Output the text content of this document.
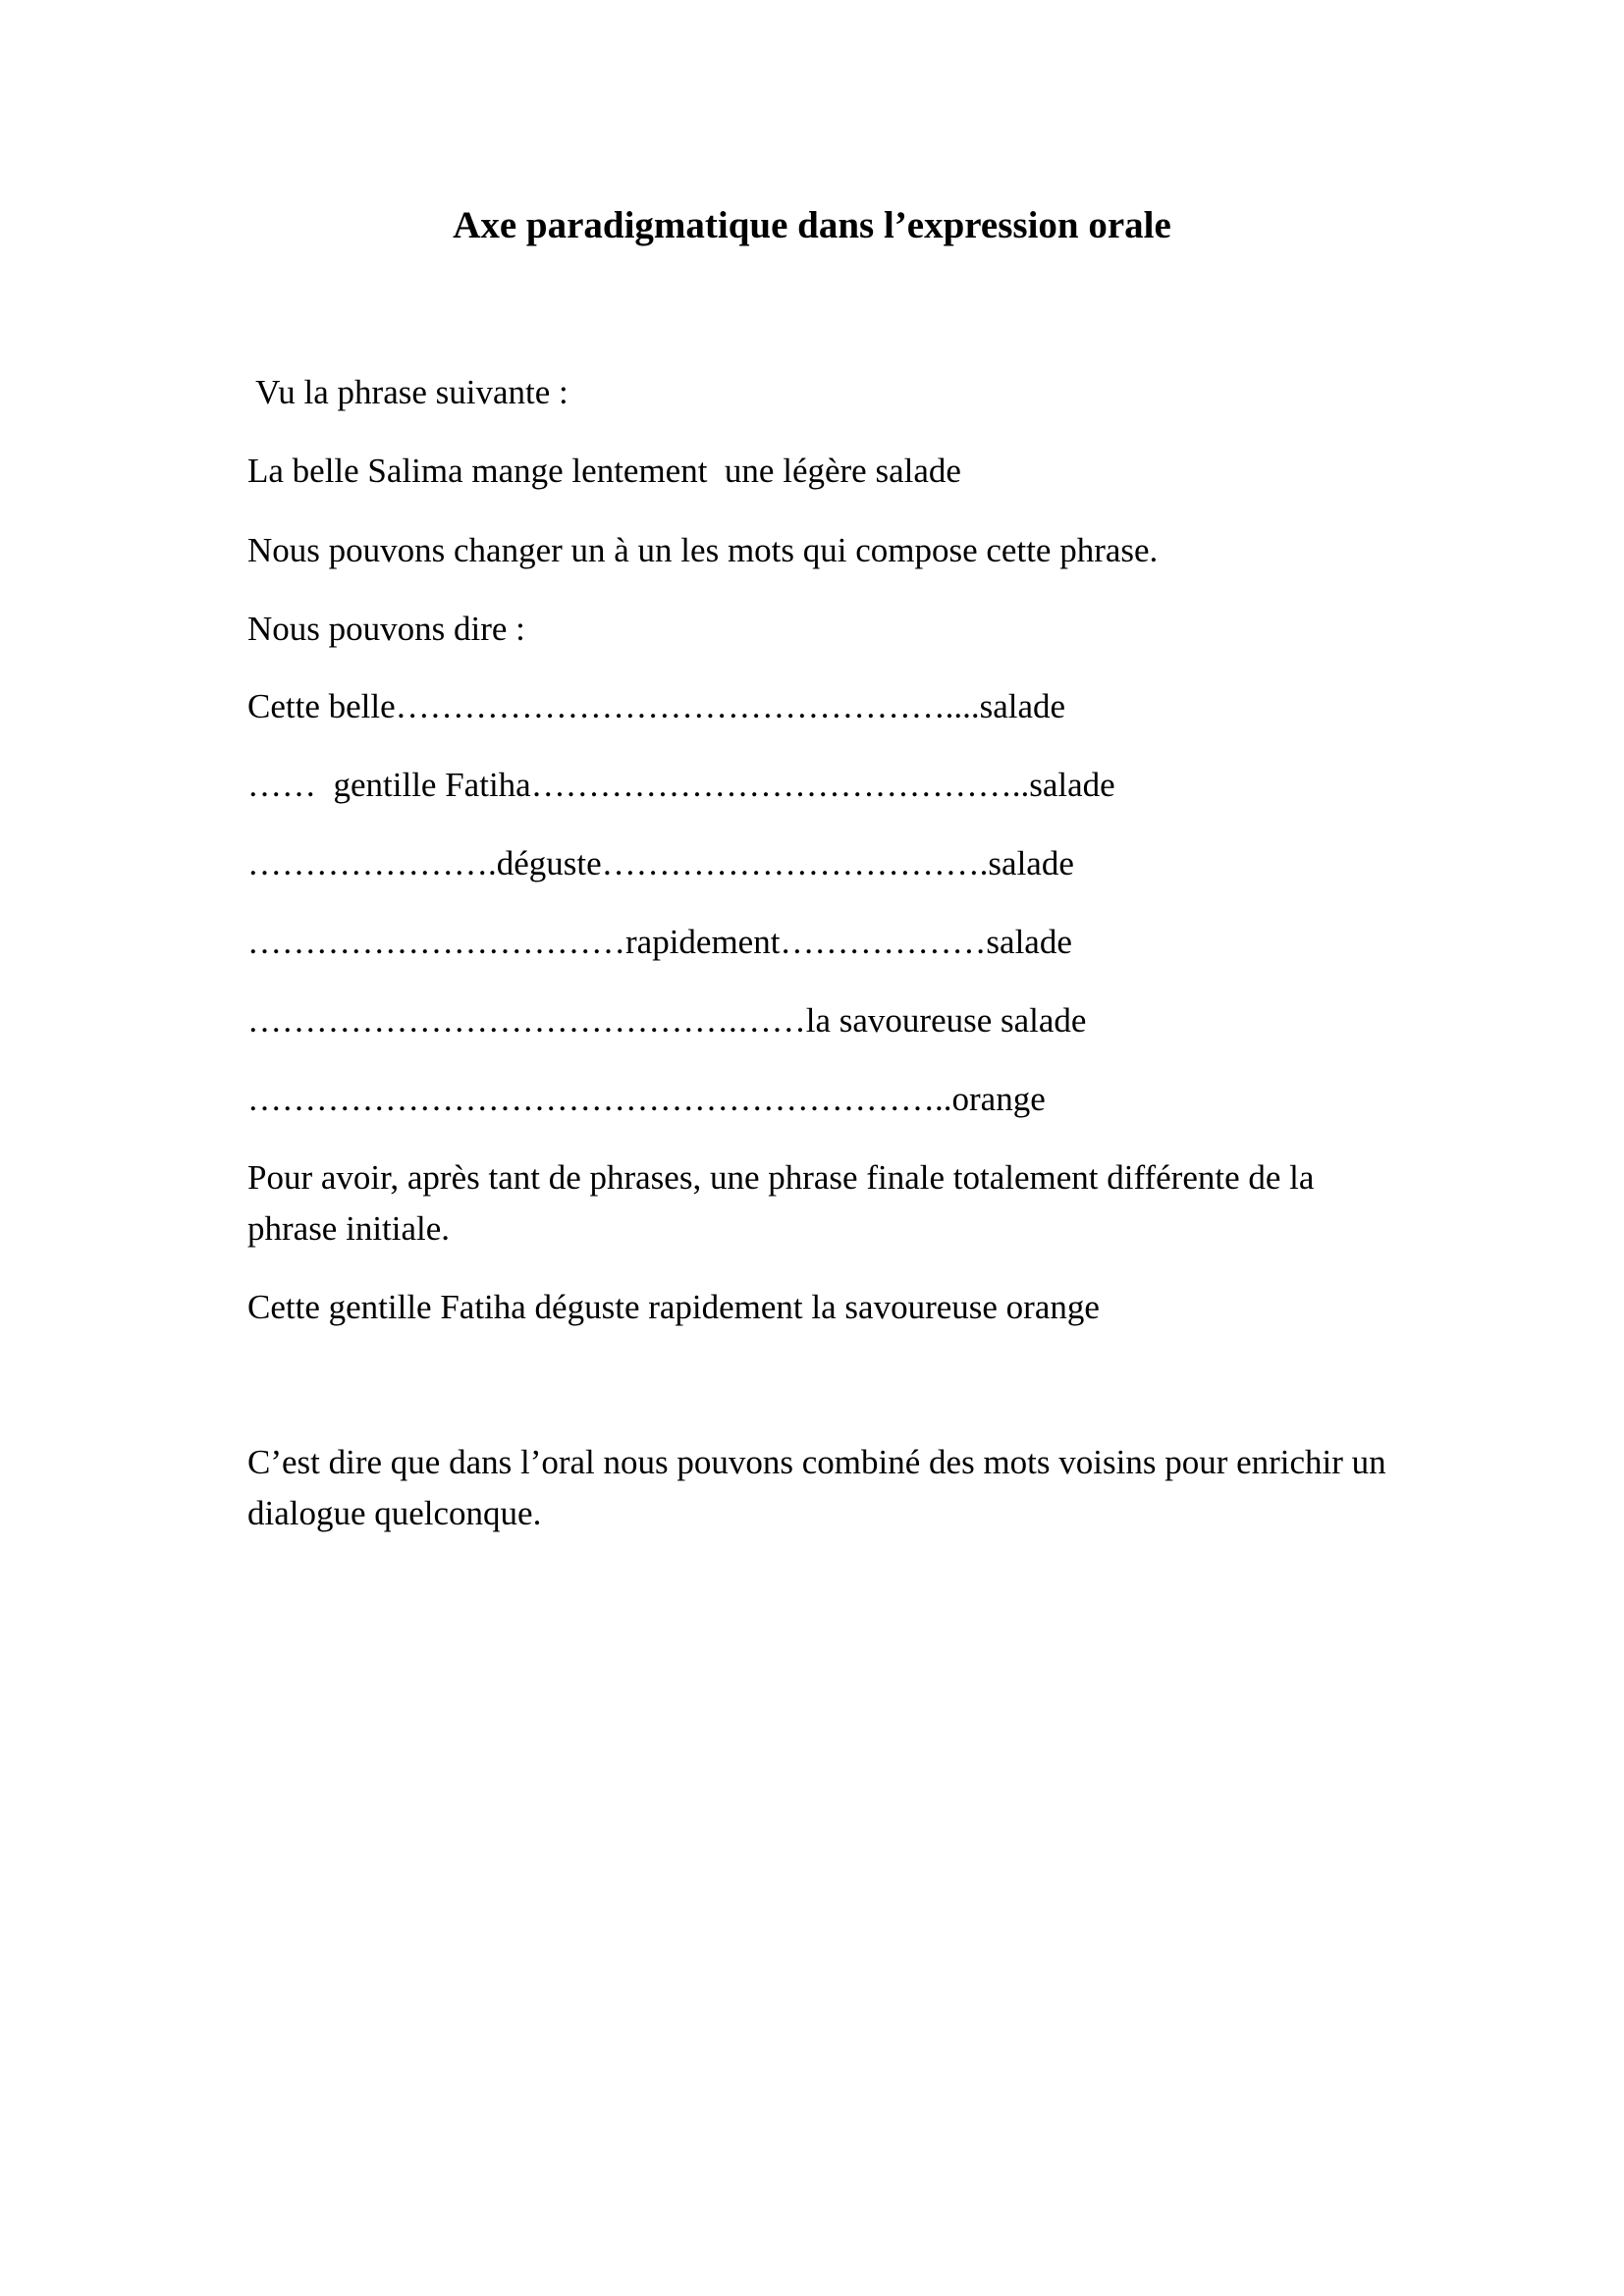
Axe paradigmatique dans l’expression orale
Vu la phrase suivante :
La belle Salima mange lentement  une légère salade
Nous pouvons changer un à un les mots qui compose cette phrase.
Nous pouvons dire :
Cette belle…………………………………………....salade
……  gentille Fatiha……………………………………..salade
………………….déguste…………………………….salade
……………………………rapidement………………salade
…………………………………….……la savoureuse salade
……………………………………………………..orange
Pour avoir, après tant de phrases, une phrase finale totalement différente de la phrase initiale.
Cette gentille Fatiha déguste rapidement la savoureuse orange
C’est dire que dans l’oral nous pouvons combiné des mots voisins pour enrichir un dialogue quelconque.
